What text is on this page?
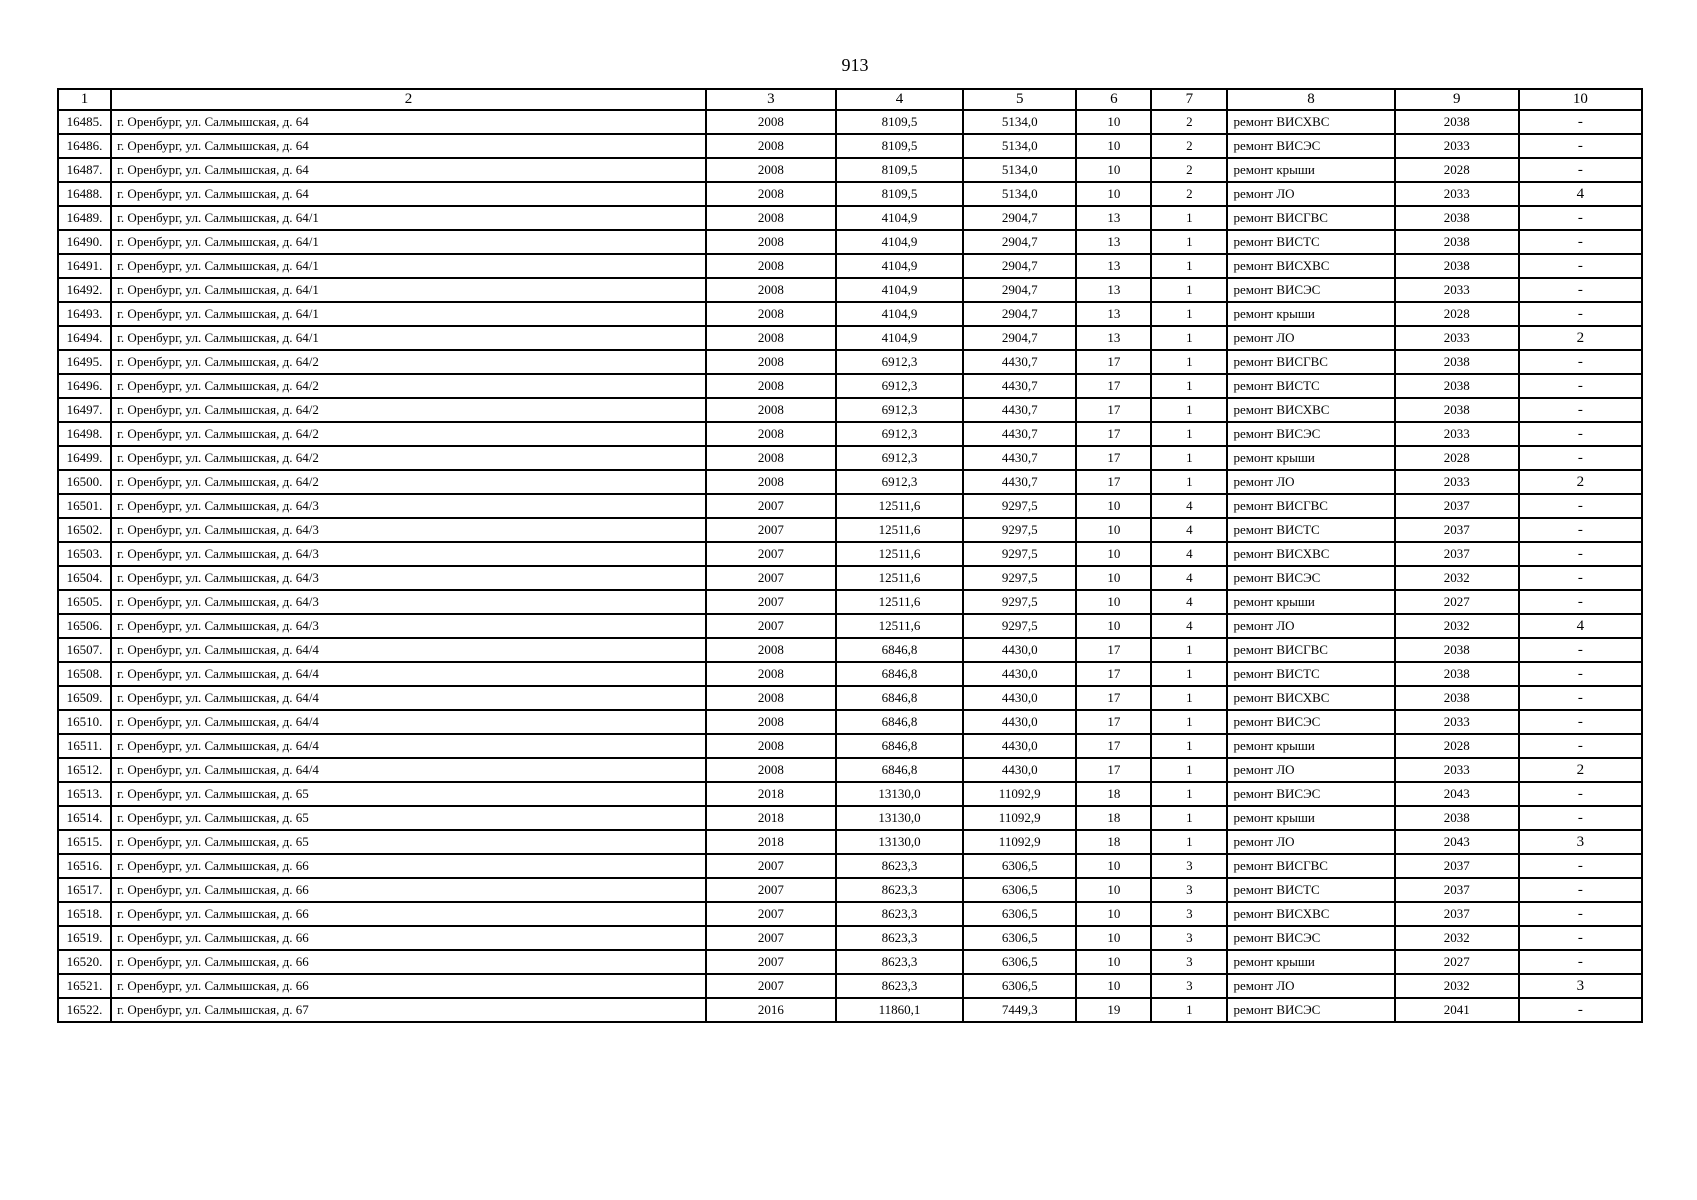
913
1	2	3	4	5	6	7	8	9	10
16485.	г. Оренбург, ул. Салмышская, д. 64	2008	8109,5	5134,0	10	2	ремонт ВИСХВС	2038	-
16486.	г. Оренбург, ул. Салмышская, д. 64	2008	8109,5	5134,0	10	2	ремонт ВИСЭС	2033	-
16487.	г. Оренбург, ул. Салмышская, д. 64	2008	8109,5	5134,0	10	2	ремонт крыши	2028	-
16488.	г. Оренбург, ул. Салмышская, д. 64	2008	8109,5	5134,0	10	2	ремонт ЛО	2033	4
16489.	г. Оренбург, ул. Салмышская, д. 64/1	2008	4104,9	2904,7	13	1	ремонт ВИСГВС	2038	-
16490.	г. Оренбург, ул. Салмышская, д. 64/1	2008	4104,9	2904,7	13	1	ремонт ВИСТС	2038	-
16491.	г. Оренбург, ул. Салмышская, д. 64/1	2008	4104,9	2904,7	13	1	ремонт ВИСХВС	2038	-
16492.	г. Оренбург, ул. Салмышская, д. 64/1	2008	4104,9	2904,7	13	1	ремонт ВИСЭС	2033	-
16493.	г. Оренбург, ул. Салмышская, д. 64/1	2008	4104,9	2904,7	13	1	ремонт крыши	2028	-
16494.	г. Оренбург, ул. Салмышская, д. 64/1	2008	4104,9	2904,7	13	1	ремонт ЛО	2033	2
16495.	г. Оренбург, ул. Салмышская, д. 64/2	2008	6912,3	4430,7	17	1	ремонт ВИСГВС	2038	-
16496.	г. Оренбург, ул. Салмышская, д. 64/2	2008	6912,3	4430,7	17	1	ремонт ВИСТС	2038	-
16497.	г. Оренбург, ул. Салмышская, д. 64/2	2008	6912,3	4430,7	17	1	ремонт ВИСХВС	2038	-
16498.	г. Оренбург, ул. Салмышская, д. 64/2	2008	6912,3	4430,7	17	1	ремонт ВИСЭС	2033	-
16499.	г. Оренбург, ул. Салмышская, д. 64/2	2008	6912,3	4430,7	17	1	ремонт крыши	2028	-
16500.	г. Оренбург, ул. Салмышская, д. 64/2	2008	6912,3	4430,7	17	1	ремонт ЛО	2033	2
16501.	г. Оренбург, ул. Салмышская, д. 64/3	2007	12511,6	9297,5	10	4	ремонт ВИСГВС	2037	-
16502.	г. Оренбург, ул. Салмышская, д. 64/3	2007	12511,6	9297,5	10	4	ремонт ВИСТС	2037	-
16503.	г. Оренбург, ул. Салмышская, д. 64/3	2007	12511,6	9297,5	10	4	ремонт ВИСХВС	2037	-
16504.	г. Оренбург, ул. Салмышская, д. 64/3	2007	12511,6	9297,5	10	4	ремонт ВИСЭС	2032	-
16505.	г. Оренбург, ул. Салмышская, д. 64/3	2007	12511,6	9297,5	10	4	ремонт крыши	2027	-
16506.	г. Оренбург, ул. Салмышская, д. 64/3	2007	12511,6	9297,5	10	4	ремонт ЛО	2032	4
16507.	г. Оренбург, ул. Салмышская, д. 64/4	2008	6846,8	4430,0	17	1	ремонт ВИСГВС	2038	-
16508.	г. Оренбург, ул. Салмышская, д. 64/4	2008	6846,8	4430,0	17	1	ремонт ВИСТС	2038	-
16509.	г. Оренбург, ул. Салмышская, д. 64/4	2008	6846,8	4430,0	17	1	ремонт ВИСХВС	2038	-
16510.	г. Оренбург, ул. Салмышская, д. 64/4	2008	6846,8	4430,0	17	1	ремонт ВИСЭС	2033	-
16511.	г. Оренбург, ул. Салмышская, д. 64/4	2008	6846,8	4430,0	17	1	ремонт крыши	2028	-
16512.	г. Оренбург, ул. Салмышская, д. 64/4	2008	6846,8	4430,0	17	1	ремонт ЛО	2033	2
16513.	г. Оренбург, ул. Салмышская, д. 65	2018	13130,0	11092,9	18	1	ремонт ВИСЭС	2043	-
16514.	г. Оренбург, ул. Салмышская, д. 65	2018	13130,0	11092,9	18	1	ремонт крыши	2038	-
16515.	г. Оренбург, ул. Салмышская, д. 65	2018	13130,0	11092,9	18	1	ремонт ЛО	2043	3
16516.	г. Оренбург, ул. Салмышская, д. 66	2007	8623,3	6306,5	10	3	ремонт ВИСГВС	2037	-
16517.	г. Оренбург, ул. Салмышская, д. 66	2007	8623,3	6306,5	10	3	ремонт ВИСТС	2037	-
16518.	г. Оренбург, ул. Салмышская, д. 66	2007	8623,3	6306,5	10	3	ремонт ВИСХВС	2037	-
16519.	г. Оренбург, ул. Салмышская, д. 66	2007	8623,3	6306,5	10	3	ремонт ВИСЭС	2032	-
16520.	г. Оренбург, ул. Салмышская, д. 66	2007	8623,3	6306,5	10	3	ремонт крыши	2027	-
16521.	г. Оренбург, ул. Салмышская, д. 66	2007	8623,3	6306,5	10	3	ремонт ЛО	2032	3
16522.	г. Оренбург, ул. Салмышская, д. 67	2016	11860,1	7449,3	19	1	ремонт ВИСЭС	2041	-
